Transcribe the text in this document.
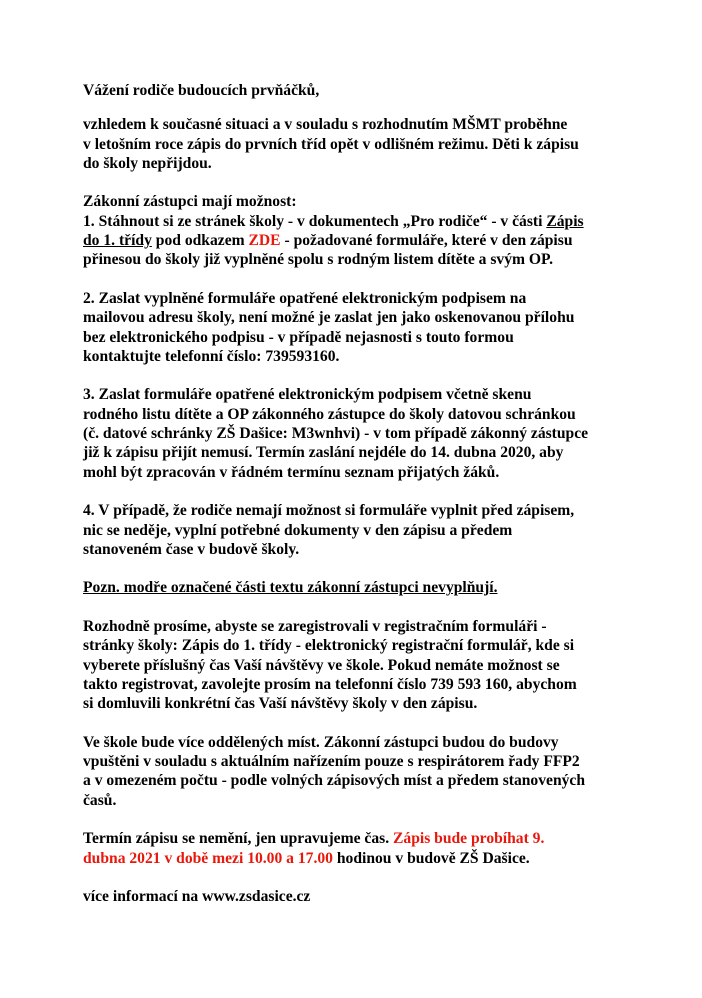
Vážení rodiče budoucích prvňáčků,

vzhledem k současné situaci a v souladu s rozhodnutím MŠMT proběhne
v letošním roce zápis do prvních tříd opět v odlišném režimu. Děti k zápisu
do školy nepřijdou.

Zákonní zástupci mají možnost:
1. Stáhnout si ze stránek školy - v dokumentech „Pro rodiče“ - v části Zápis
do 1. třídy pod odkazem ZDE - požadované formuláře, které v den zápisu
přinesou do školy již vyplněné spolu s rodným listem dítěte a svým OP.

2. Zaslat vyplněné formuláře opatřené elektronickým podpisem na
mailovou adresu školy, není možné je zaslat jen jako oskenovanou přílohu
bez elektronického podpisu - v případě nejasnosti s touto formou
kontaktujte telefonní číslo: 739593160.

3. Zaslat formuláře opatřené elektronickým podpisem včetně skenu
rodného listu dítěte a OP zákonného zástupce do školy datovou schránkou
(č. datové schránky ZŠ Dašice: M3wnhvi) - v tom případě zákonný zástupce
již k zápisu přijít nemusí. Termín zaslání nejdéle do 14. dubna 2020, aby
mohl být zpracován v řádném termínu seznam přijatých žáků.

4. V případě, že rodiče nemají možnost si formuláře vyplnit před zápisem,
nic se neděje, vyplní potřebné dokumenty v den zápisu a předem
stanoveném čase v budově školy.

Pozn. modře označené části textu zákonní zástupci nevyplňují.

Rozhodně prosíme, abyste se zaregistrovali v registračním formuláři -
stránky školy: Zápis do 1. třídy - elektronický registrační formulář, kde si
vyberete příslušný čas Vaší návštěvy ve škole. Pokud nemáte možnost se
takto registrovat, zavolejte prosím na telefonní číslo 739 593 160, abychom
si domluvili konkrétní čas Vaší návštěvy školy v den zápisu.

Ve škole bude více oddělených míst. Zákonní zástupci budou do budovy
vpuštěni v souladu s aktuálním nařízením pouze s respirátorem řady FFP2
a v omezeném počtu - podle volných zápisových míst a předem stanovených
časů.

Termín zápisu se nemění, jen upravujeme čas. Zápis bude probíhat 9.
dubna 2021 v době mezi 10.00 a 17.00 hodinou v budově ZŠ Dašice.

více informací na www.zsdasice.cz
